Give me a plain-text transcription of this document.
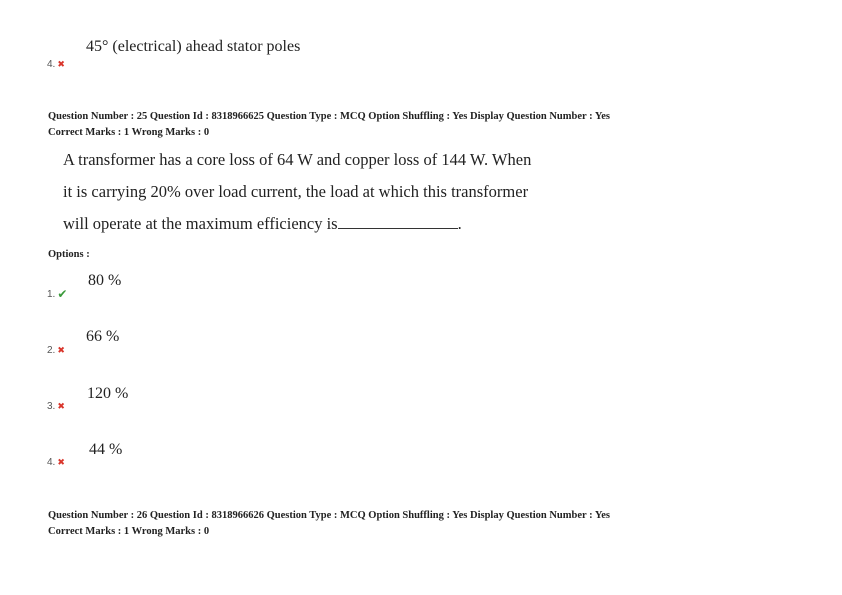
45° (electrical) ahead stator poles
4. ✖
Question Number : 25 Question Id : 8318966625 Question Type : MCQ Option Shuffling : Yes Display Question Number : Yes
Correct Marks : 1 Wrong Marks : 0
A transformer has a core loss of 64 W and copper loss of 144 W. When
it is carrying 20% over load current, the load at which this transformer
will operate at the maximum efficiency is	.
Options :
80 %
1. ✔
66 %
2. ✖
120 %
3. ✖
44 %
4. ✖
Question Number : 26 Question Id : 8318966626 Question Type : MCQ Option Shuffling : Yes Display Question Number : Yes
Correct Marks : 1 Wrong Marks : 0
